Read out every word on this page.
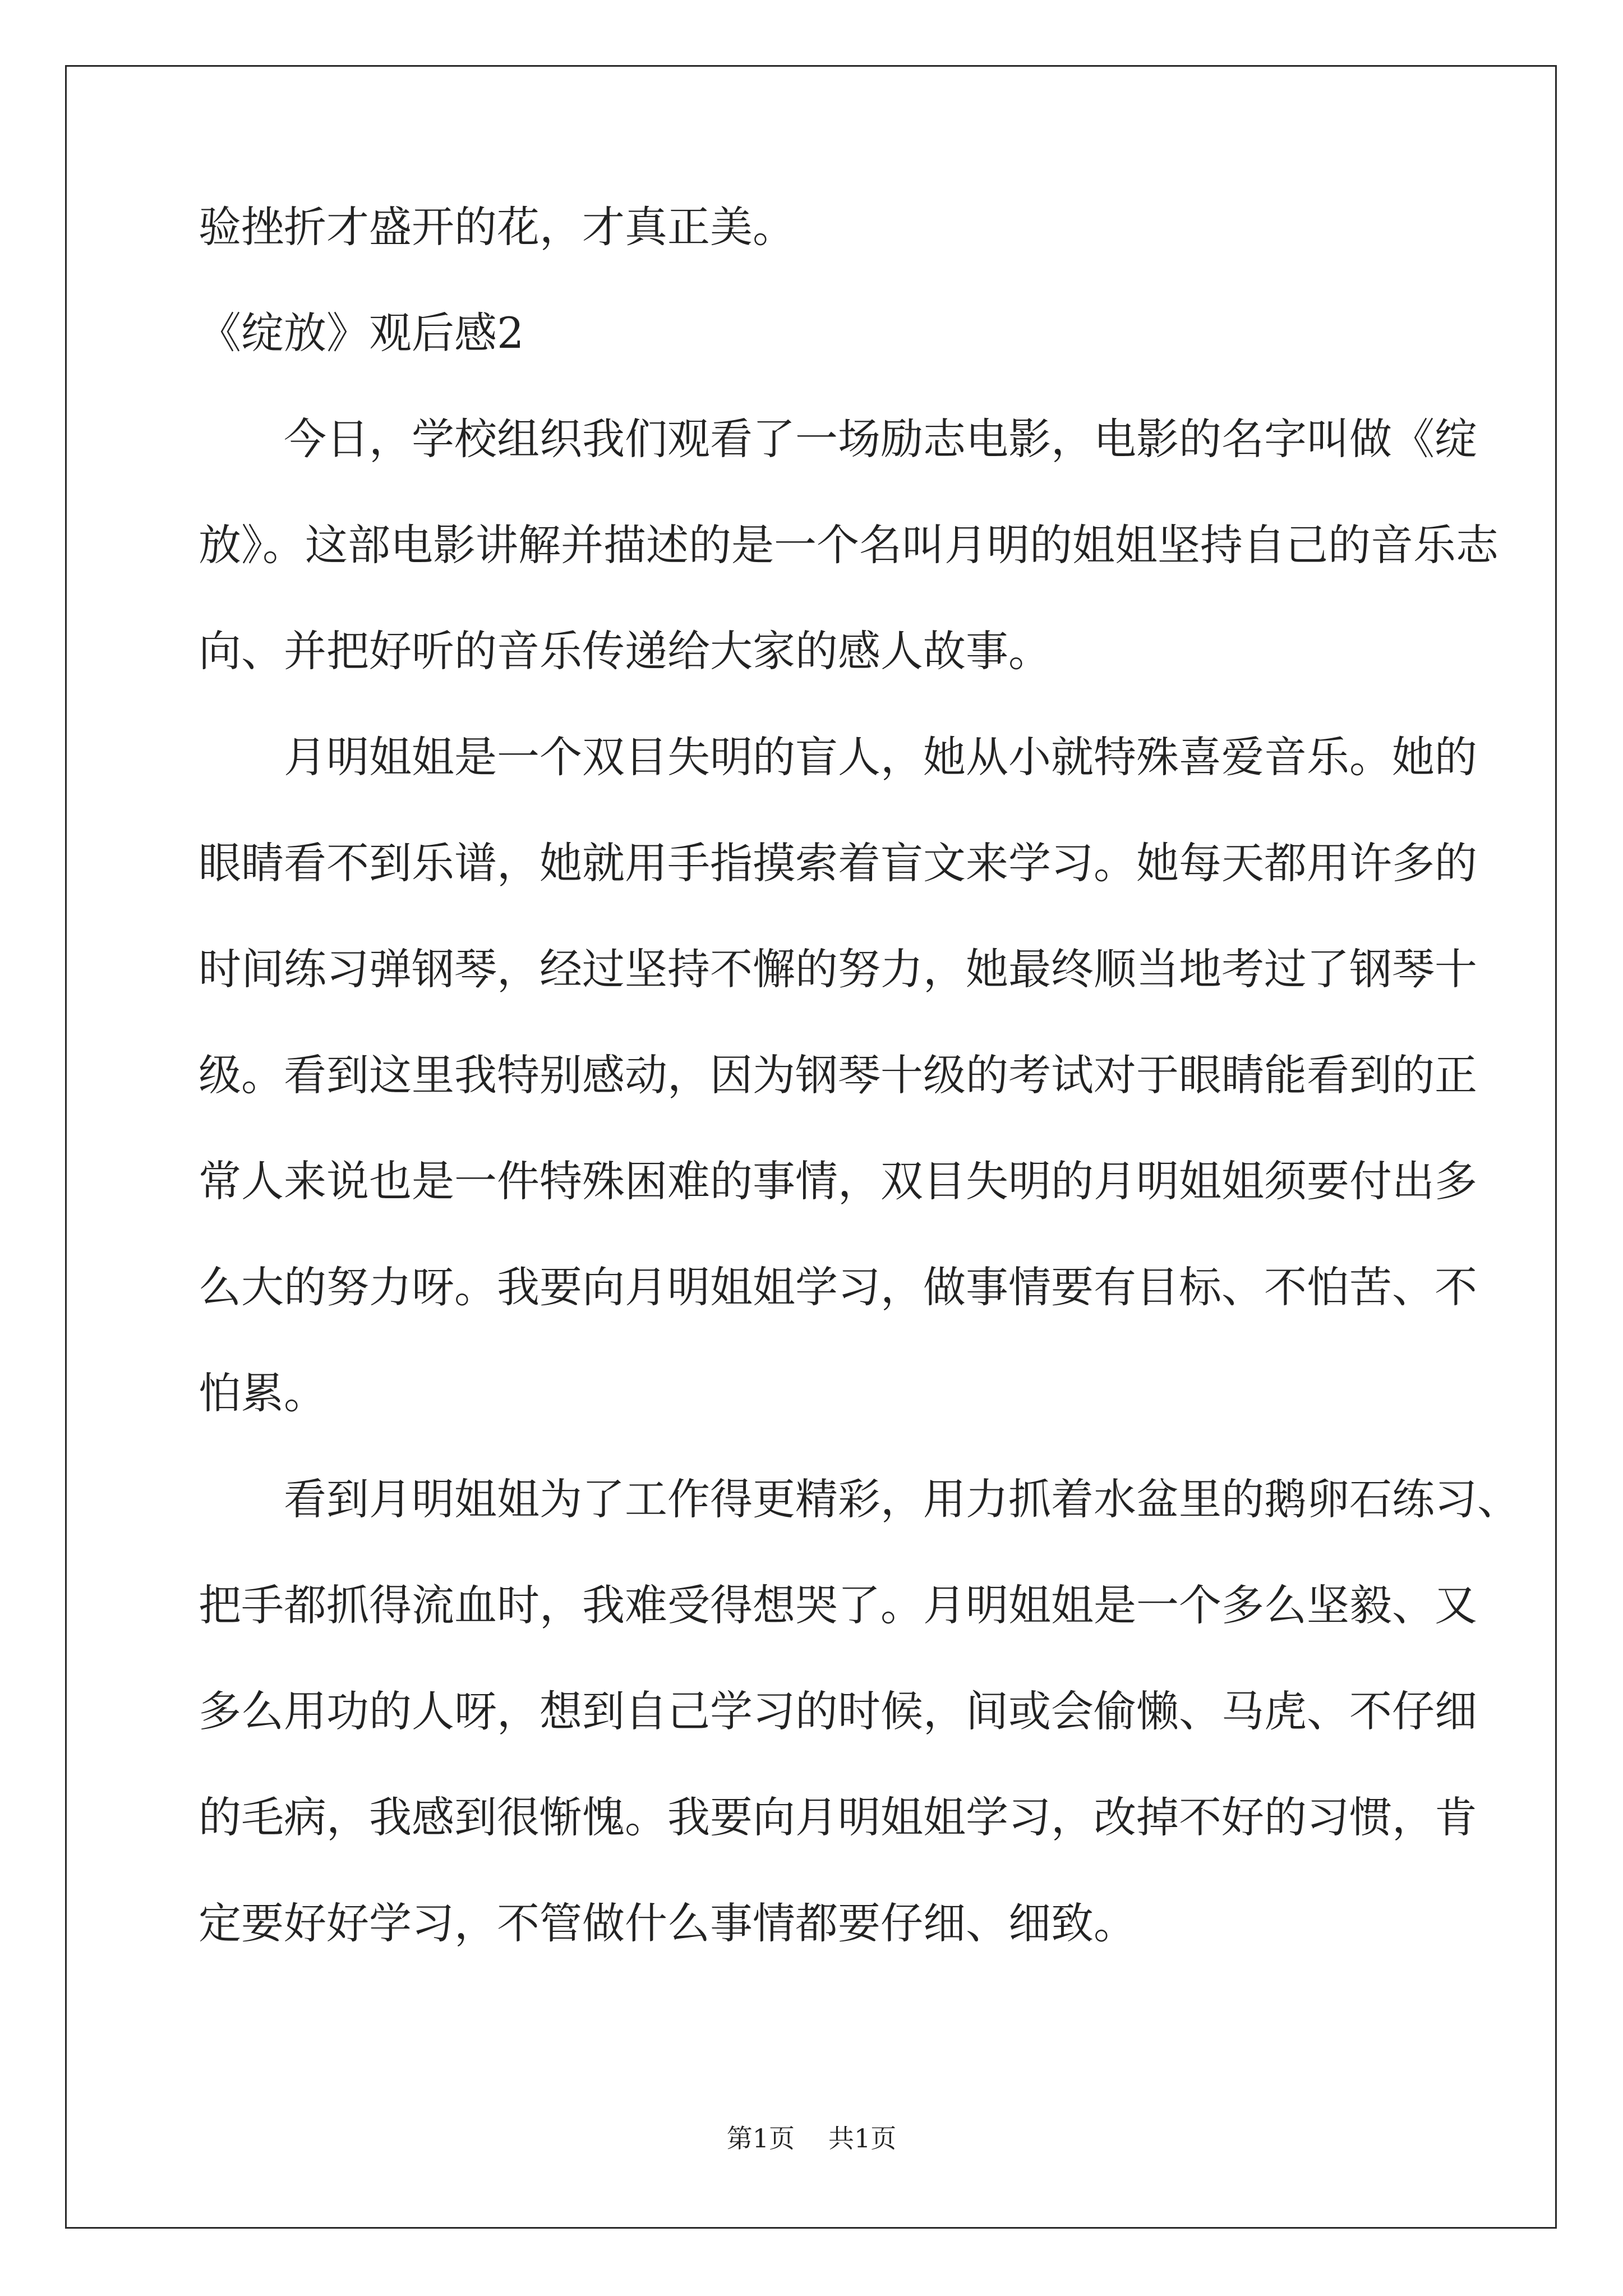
验挫折才盛开的花，才真正美。
《绽放》观后感2
今日，学校组织我们观看了一场励志电影，电影的名字叫做《绽
放》。这部电影讲解并描述的是一个名叫月明的姐姐坚持自己的音乐志
向、并把好听的音乐传递给大家的感人故事。
月明姐姐是一个双目失明的盲人，她从小就特殊喜爱音乐。她的
眼睛看不到乐谱，她就用手指摸索着盲文来学习。她每天都用许多的
时间练习弹钢琴，经过坚持不懈的努力，她最终顺当地考过了钢琴十
级。看到这里我特别感动，因为钢琴十级的考试对于眼睛能看到的正
常人来说也是一件特殊困难的事情，双目失明的月明姐姐须要付出多
么大的努力呀。我要向月明姐姐学习，做事情要有目标、不怕苦、不
怕累。
看到月明姐姐为了工作得更精彩，用力抓着水盆里的鹅卵石练习、
把手都抓得流血时，我难受得想哭了。月明姐姐是一个多么坚毅、又
多么用功的人呀，想到自己学习的时候，间或会偷懒、马虎、不仔细
的毛病，我感到很惭愧。我要向月明姐姐学习，改掉不好的习惯，肯
定要好好学习，不管做什么事情都要仔细、细致。
第1页 共1页
